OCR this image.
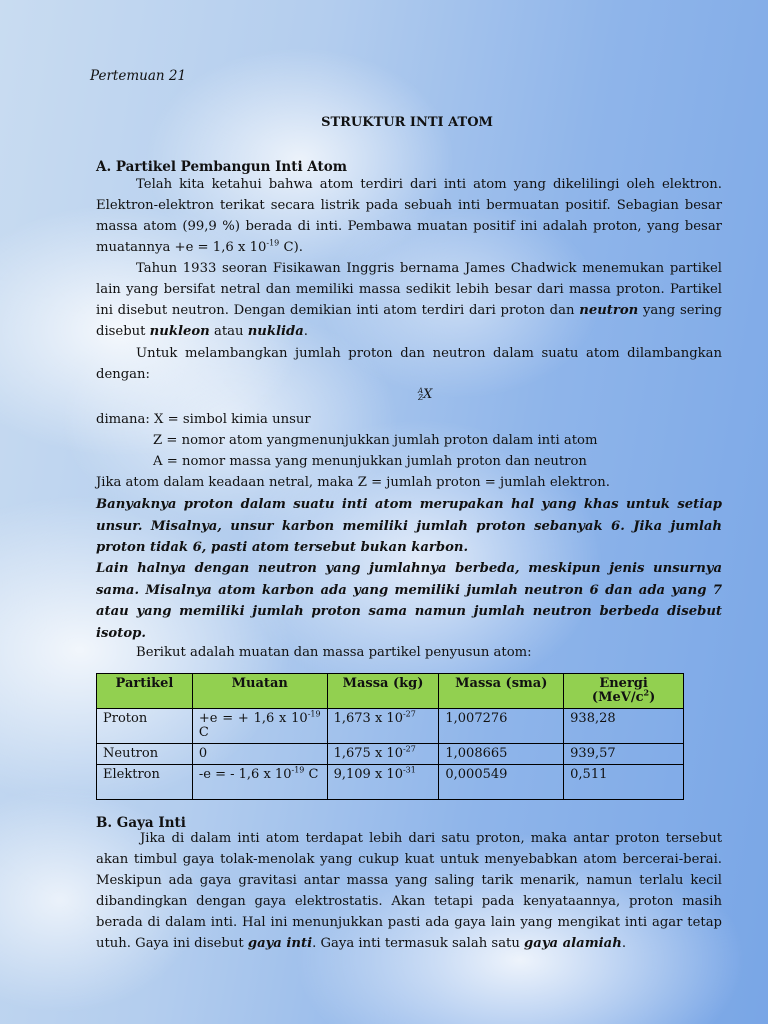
Pertemuan 21
STRUKTUR INTI ATOM
A. Partikel Pembangun Inti Atom

Telah kita ketahui bahwa atom terdiri dari inti atom yang dikelilingi oleh elektron. Elektron-elektron terikat secara listrik pada sebuah inti bermuatan positif. Sebagian besar massa atom (99,9 %) berada di inti. Pembawa muatan positif ini adalah proton, yang besar muatannya +e = 1,6 x $10^{-19}$ C).

Tahun 1933 seoran Fisikawan Inggris bernama James Chadwick menemukan partikel lain yang bersifat netral dan memiliki massa sedikit lebih besar dari massa proton. Partikel ini disebut neutron. Dengan demikian inti atom terdiri dari proton dan neutron yang sering disebut nukleon atau nuklida.

Untuk melambangkan jumlah proton dan neutron dalam suatu atom dilambangkan dengan:

A
Z X
dimana: X = simbol kimia unsur
Z = nomor atom yangmenunjukkan jumlah proton dalam inti atom
A = nomor massa yang menunjukkan jumlah proton dan neutron
Jika atom dalam keadaan netral, maka Z = jumlah proton = jumlah elektron.

Banyaknya proton dalam suatu inti atom merupakan hal yang khas untuk setiap unsur. Misalnya, unsur karbon memiliki jumlah proton sebanyak 6. Jika jumlah proton tidak 6, pasti atom tersebut bukan karbon.

Lain halnya dengan neutron yang jumlahnya berbeda, meskipun jenis unsurnya sama. Misalnya atom karbon ada yang memiliki jumlah neutron 6 dan ada yang 7 atau yang memiliki jumlah proton sama namun jumlah neutron berbeda disebut isotop.

Berikut adalah muatan dan massa partikel penyusun atom:
Partikel	Muatan	Massa (kg)	Massa (sma)	Energi
$(MeV/c^2)$
Proton	+e = + 1,6 x $10^{-19}$ C	1,673 x $10^{-27}$	1,007276	938,28
Neutron	0	1,675 x $10^{-27}$	1,008665	939,57
Elektron	-e = - 1,6 x $10^{-19}$ C	9,109 x $10^{-31}$	0,000549	0,511
B. Gaya Inti

Jika di dalam inti atom terdapat lebih dari satu proton, maka antar proton tersebut akan timbul gaya tolak-menolak yang cukup kuat untuk menyebabkan atom bercerai-berai. Meskipun ada gaya gravitasi antar massa yang saling tarik menarik, namun terlalu kecil dibandingkan dengan gaya elektrostatis. Akan tetapi pada kenyataannya, proton masih berada di dalam inti. Hal ini menunjukkan pasti ada gaya lain yang mengikat inti agar tetap utuh. Gaya ini disebut gaya inti. Gaya inti termasuk salah satu gaya alamiah.
